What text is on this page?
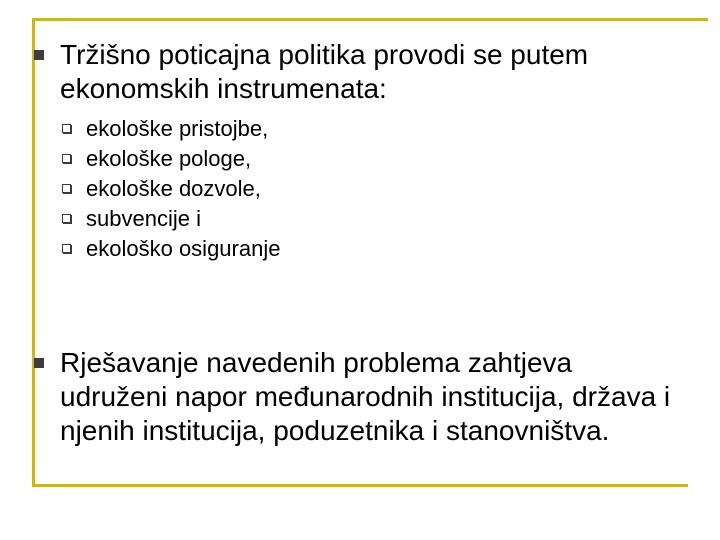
Tržišno poticajna politika provodi se putem ekonomskih instrumenata:
ekološke pristojbe,
ekološke pologe,
ekološke dozvole,
subvencije i
ekološko osiguranje
Rješavanje navedenih problema zahtjeva udruženi napor međunarodnih institucija, država i njenih institucija, poduzetnika i stanovništva.
